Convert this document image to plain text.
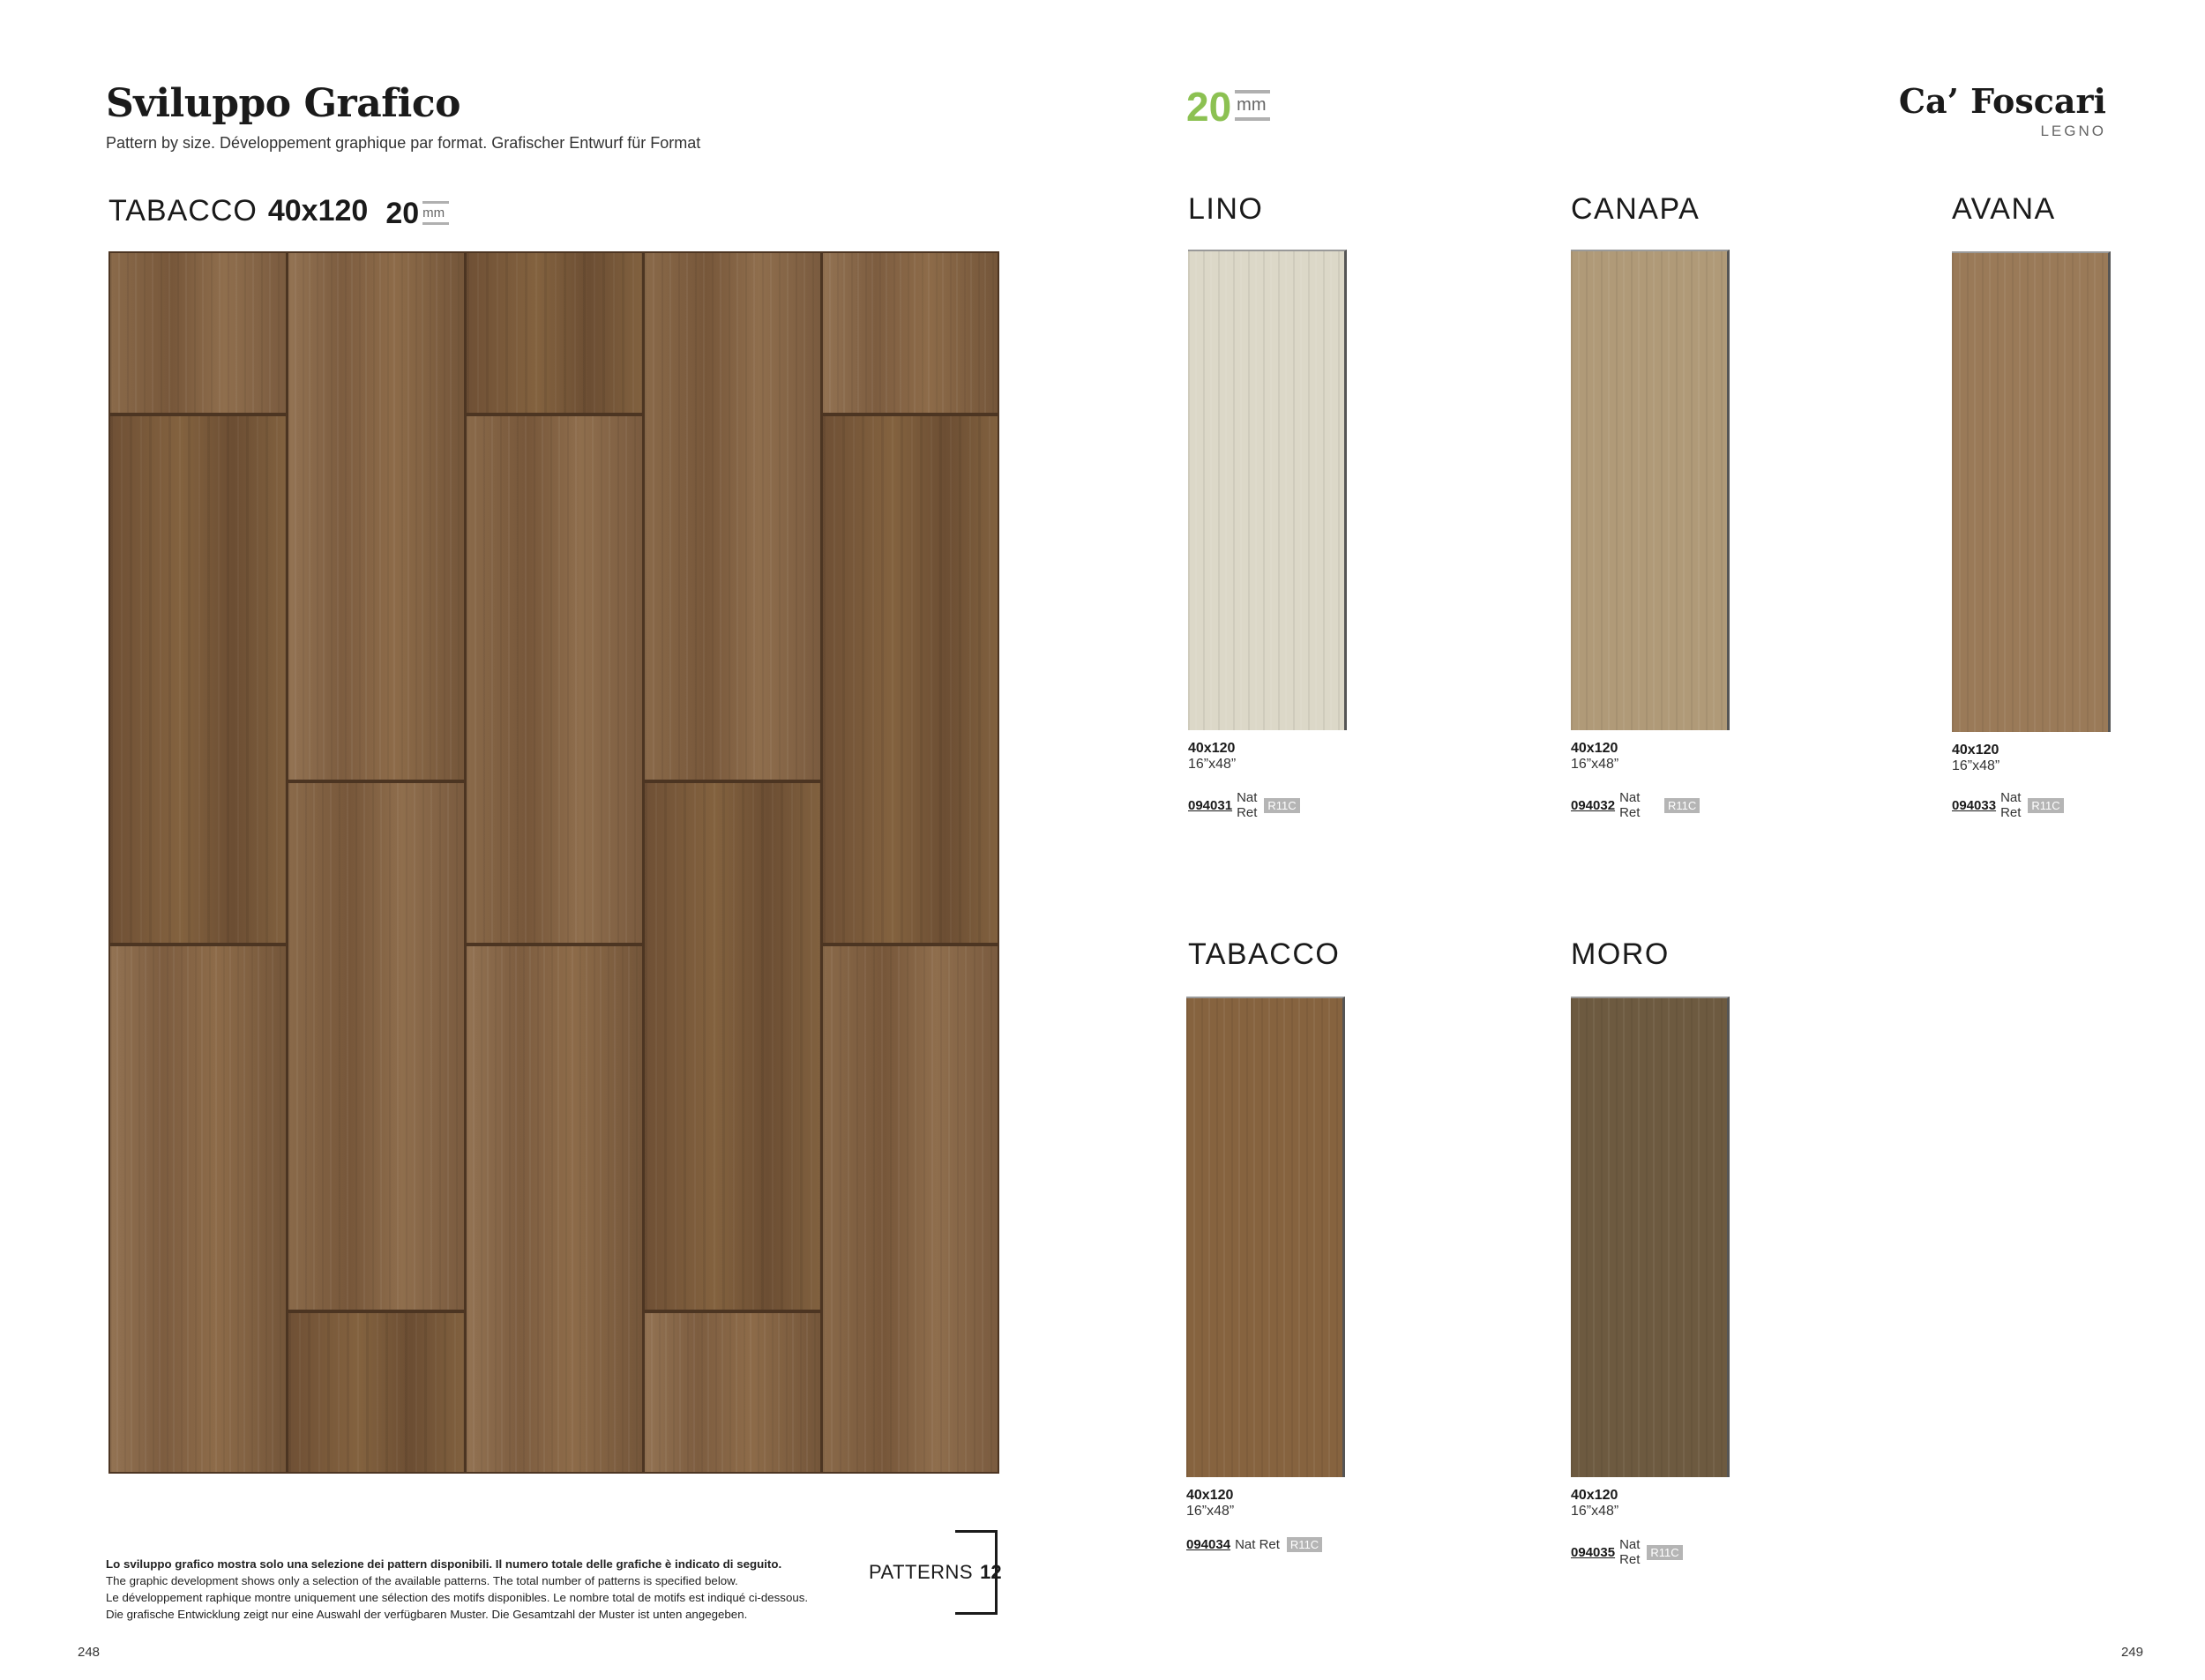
Sviluppo Grafico
Pattern by size. Développement graphique par format. Grafischer Entwurf für Format
20 mm	Ca’ Foscari
LEGNO
TABACCO 40x120 20 mm	LINO
40x120
16”x48”
094031 Nat Ret R11C
CANAPA
40x120
16”x48”
094032 Nat Ret	R11C
AVANA
40x120
16”x48”
094033 Nat Ret R11C
TABACCO
40x120
16”x48”
094034 Nat Ret R11C
MORO
40x120
16”x48”
094035 Nat Ret R11C
Lo sviluppo grafico mostra solo una selezione dei pattern disponibili. Il numero totale delle grafiche è indicato di seguito.
The graphic development shows only a selection of the available patterns. The total number of patterns is specified below.
Le développement raphique montre uniquement une sélection des motifs disponibles. Le nombre total de motifs est indiqué ci-dessous.
Die grafische Entwicklung zeigt nur eine Auswahl der verfügbaren Muster. Die Gesamtzahl der Muster ist unten angegeben.
PATTERNS 12
248	249
